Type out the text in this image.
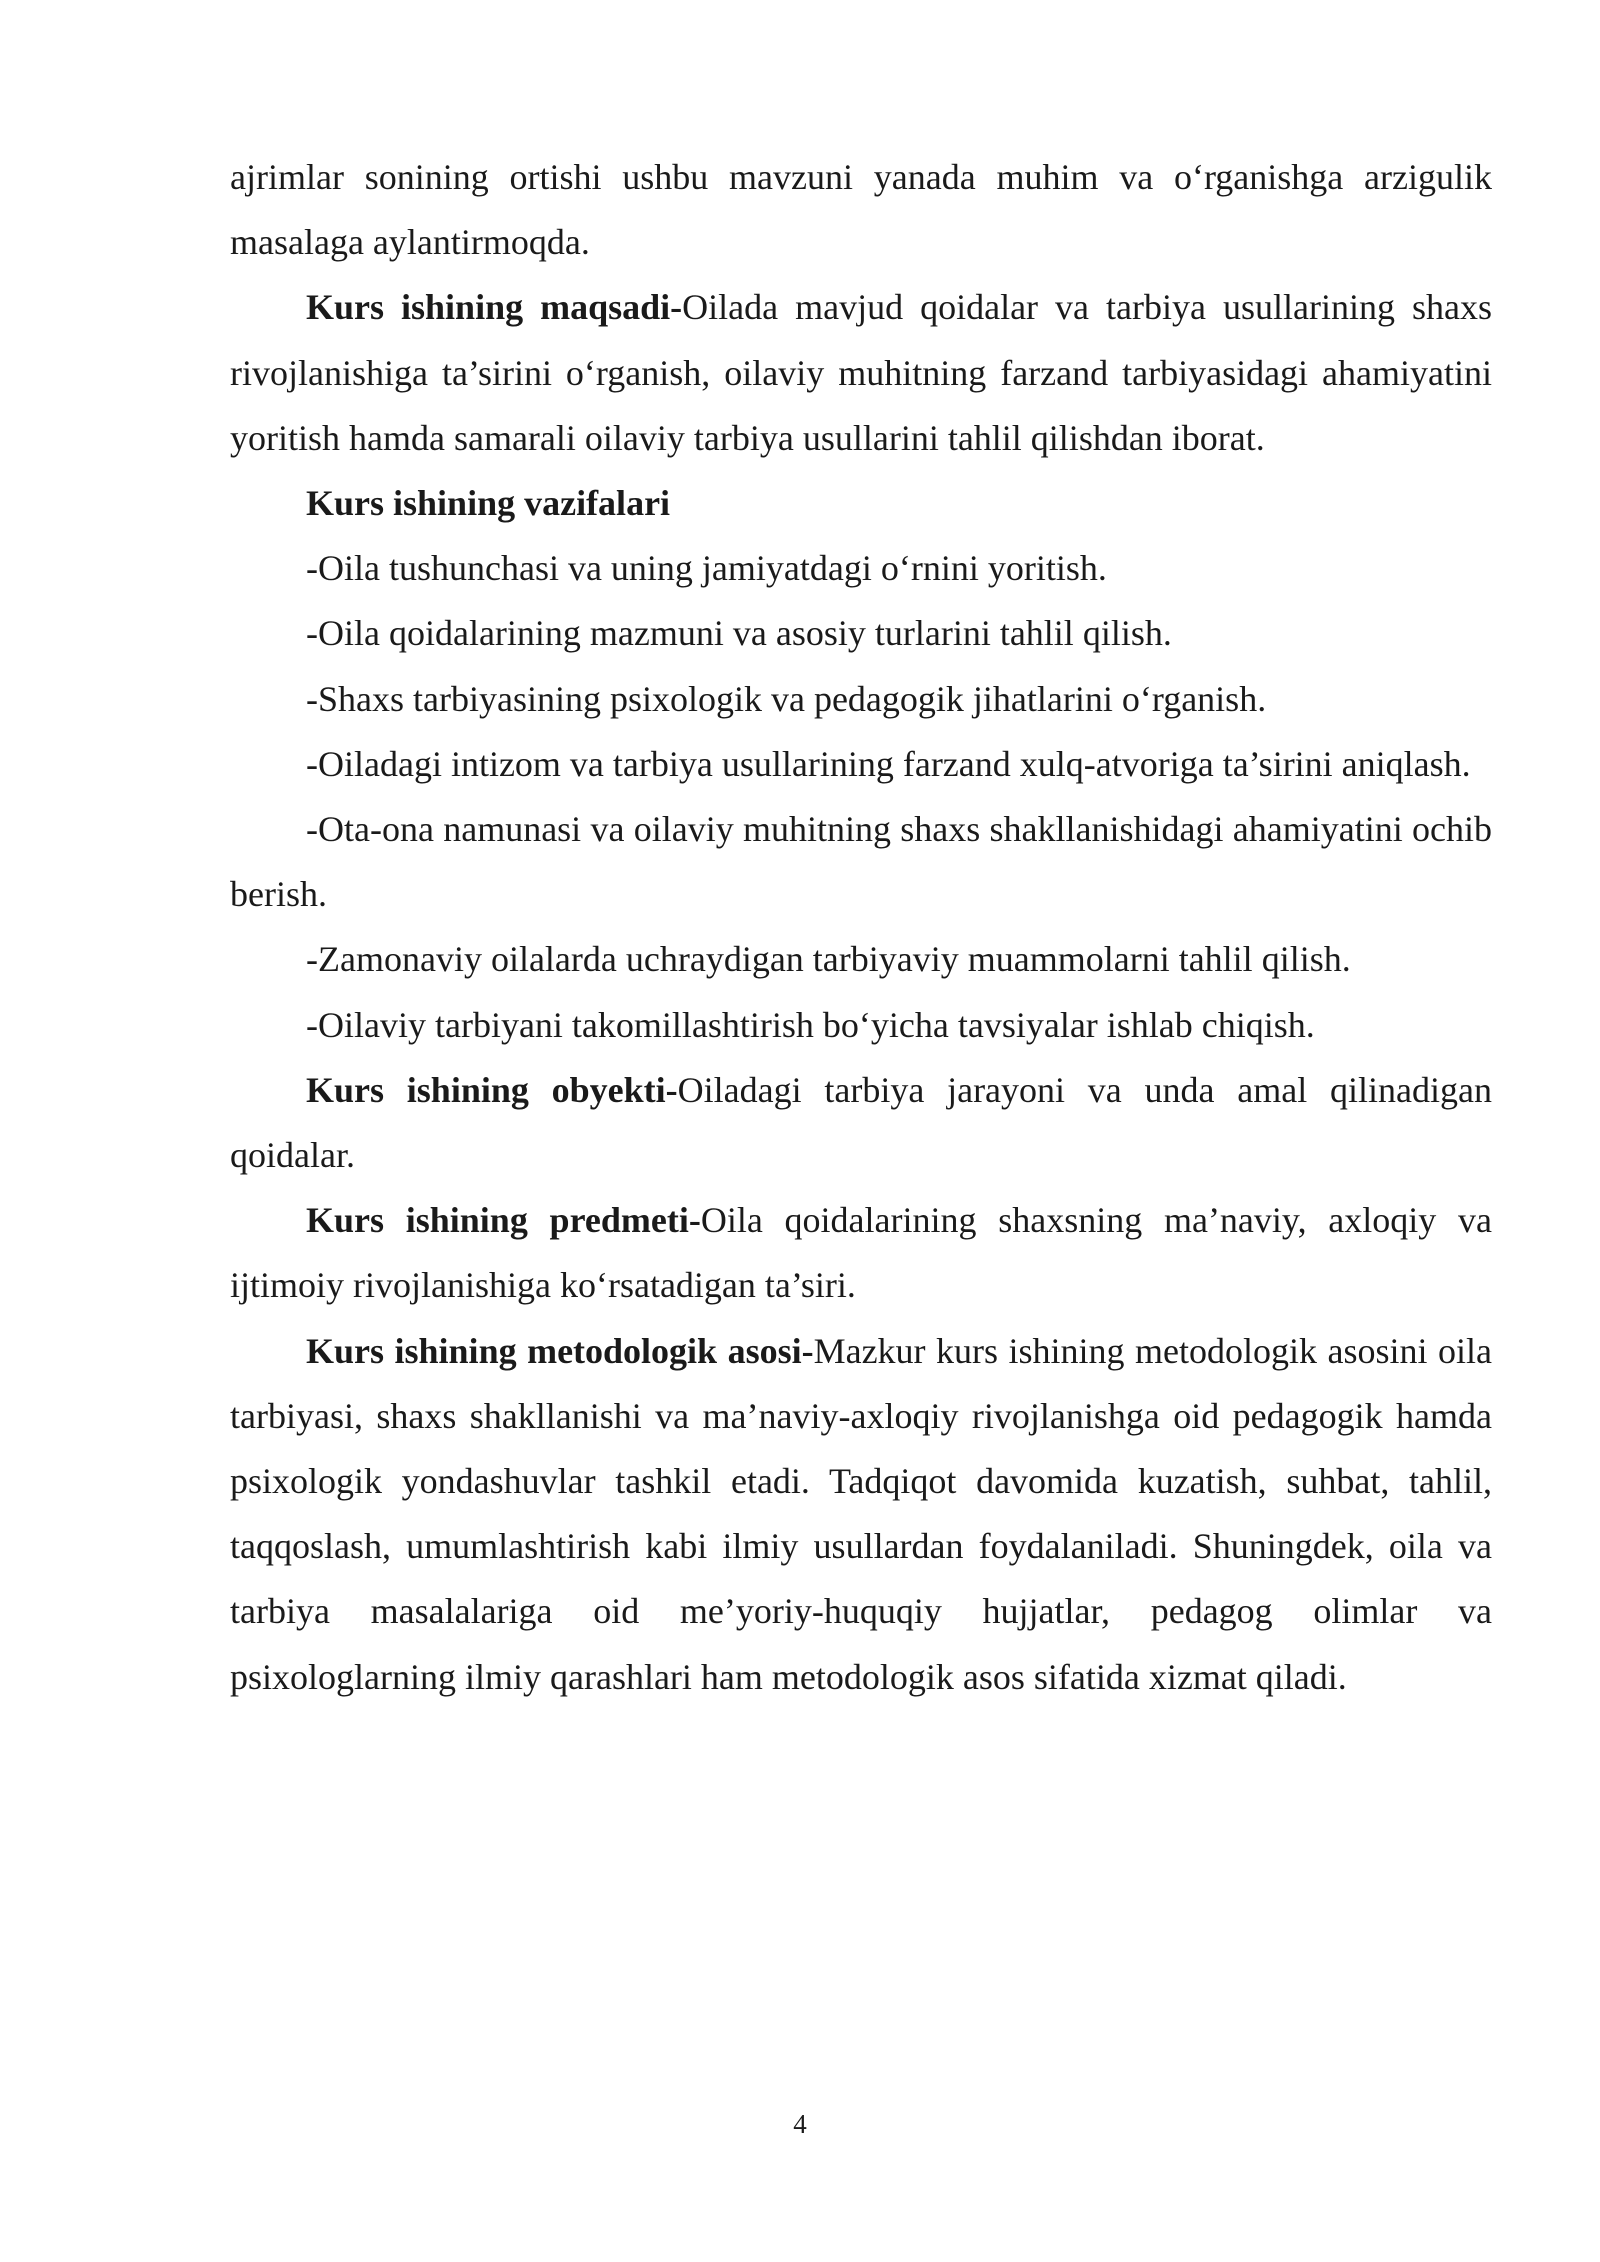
ajrimlar sonining ortishi ushbu mavzuni yanada muhim va o‘rganishga arzigulik masalaga aylantirmoqda.

Kurs ishining maqsadi-Oilada mavjud qoidalar va tarbiya usullarining shaxs rivojlanishiga ta’sirini o‘rganish, oilaviy muhitning farzand tarbiyasidagi ahamiyatini yoritish hamda samarali oilaviy tarbiya usullarini tahlil qilishdan iborat.

Kurs ishining vazifalari

-Oila tushunchasi va uning jamiyatdagi o‘rnini yoritish.

-Oila qoidalarining mazmuni va asosiy turlarini tahlil qilish.

-Shaxs tarbiyasining psixologik va pedagogik jihatlarini o‘rganish.

-Oiladagi intizom va tarbiya usullarining farzand xulq-atvoriga ta’sirini aniqlash.

-Ota-ona namunasi va oilaviy muhitning shaxs shakllanishidagi ahamiyatini ochib berish.

-Zamonaviy oilalarda uchraydigan tarbiyaviy muammolarni tahlil qilish.

-Oilaviy tarbiyani takomillashtirish bo‘yicha tavsiyalar ishlab chiqish.

Kurs ishining obyekti-Oiladagi tarbiya jarayoni va unda amal qilinadigan qoidalar.

Kurs ishining predmeti-Oila qoidalarining shaxsning ma’naviy, axloqiy va ijtimoiy rivojlanishiga ko‘rsatadigan ta’siri.

Kurs ishining metodologik asosi-Mazkur kurs ishining metodologik asosini oila tarbiyasi, shaxs shakllanishi va ma’naviy-axloqiy rivojlanishga oid pedagogik hamda psixologik yondashuvlar tashkil etadi. Tadqiqot davomida kuzatish, suhbat, tahlil, taqqoslash, umumlashtirish kabi ilmiy usullardan foydalaniladi. Shuningdek, oila va tarbiya masalalariga oid me’yoriy-huquqiy hujjatlar, pedagog olimlar va psixologlarning ilmiy qarashlari ham metodologik asos sifatida xizmat qiladi.

4
